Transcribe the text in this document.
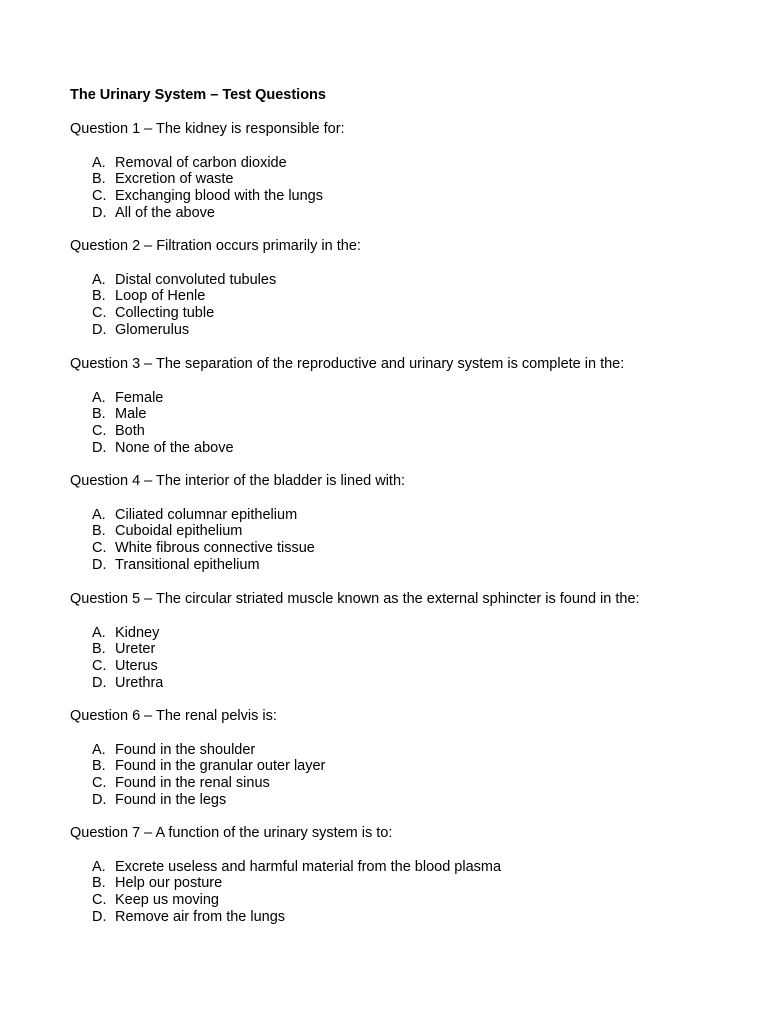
The Urinary System – Test Questions
Question 1 – The kidney is responsible for:
A. Removal of carbon dioxide
B. Excretion of waste
C. Exchanging blood with the lungs
D. All of the above
Question 2 – Filtration occurs primarily in the:
A. Distal convoluted tubules
B. Loop of Henle
C. Collecting tuble
D. Glomerulus
Question 3 – The separation of the reproductive and urinary system is complete in the:
A. Female
B. Male
C. Both
D. None of the above
Question 4 – The interior of the bladder is lined with:
A. Ciliated columnar epithelium
B. Cuboidal epithelium
C. White fibrous connective tissue
D. Transitional epithelium
Question 5 – The circular striated muscle known as the external sphincter is found in the:
A. Kidney
B. Ureter
C. Uterus
D. Urethra
Question 6 – The renal pelvis is:
A. Found in the shoulder
B. Found in the granular outer layer
C. Found in the renal sinus
D. Found in the legs
Question 7 – A function of the urinary system is to:
A. Excrete useless and harmful material from the blood plasma
B. Help our posture
C. Keep us moving
D. Remove air from the lungs
